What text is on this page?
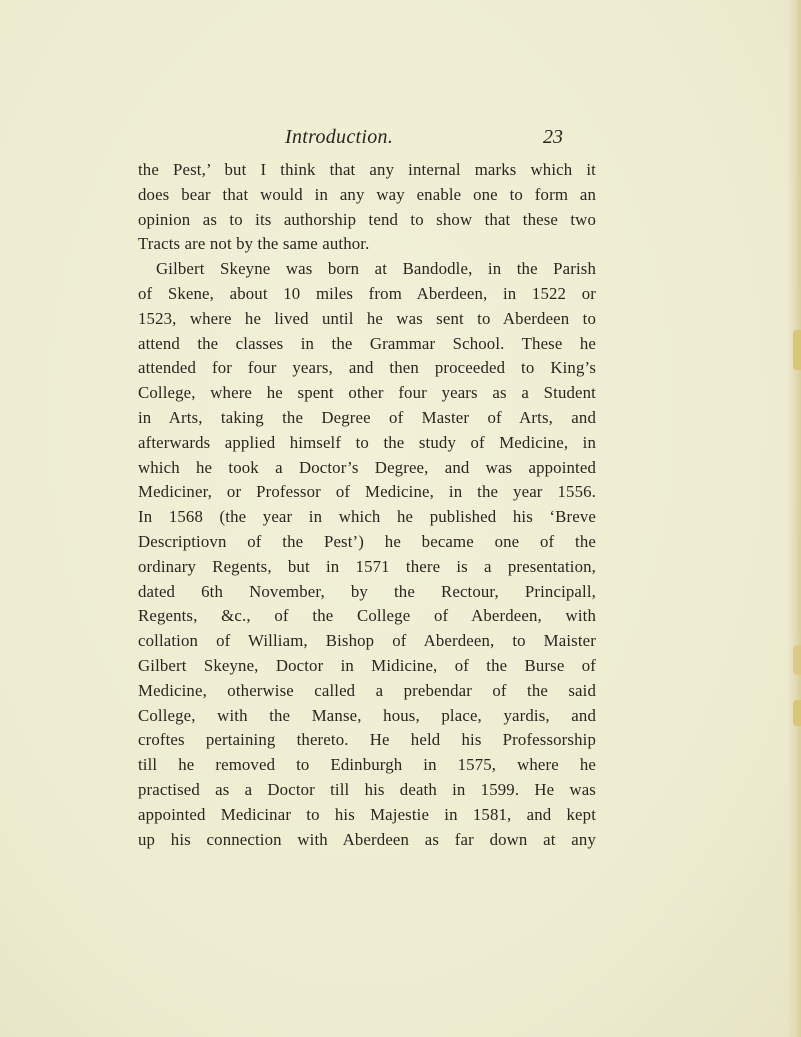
Introduction.	23
the Pest,’ but I think that any internal marks which it
does bear that would in any way enable one to form an
opinion as to its authorship tend to show that these two
Tracts are not by the same author.
Gilbert Skeyne was born at Bandodle, in the Parish
of Skene, about 10 miles from Aberdeen, in 1522 or
1523, where he lived until he was sent to Aberdeen to
attend the classes in the Grammar School. These he
attended for four years, and then proceeded to King’s
College, where he spent other four years as a Student
in Arts, taking the Degree of Master of Arts, and
afterwards applied himself to the study of Medicine, in
which he took a Doctor’s Degree, and was appointed
Mediciner, or Professor of Medicine, in the year 1556.
In 1568 (the year in which he published his ‘Breve
Descriptiovn of the Pest’) he became one of the
ordinary Regents, but in 1571 there is a presentation,
dated 6th November, by the Rectour, Principall,
Regents, &c., of the College of Aberdeen, with
collation of William, Bishop of Aberdeen, to Maister
Gilbert Skeyne, Doctor in Midicine, of the Burse of
Medicine, otherwise called a prebendar of the said
College, with the Manse, hous, place, yardis, and
croftes pertaining thereto. He held his Professorship
till he removed to Edinburgh in 1575, where he
practised as a Doctor till his death in 1599. He was
appointed Medicinar to his Majestie in 1581, and kept
up his connection with Aberdeen as far down at any
